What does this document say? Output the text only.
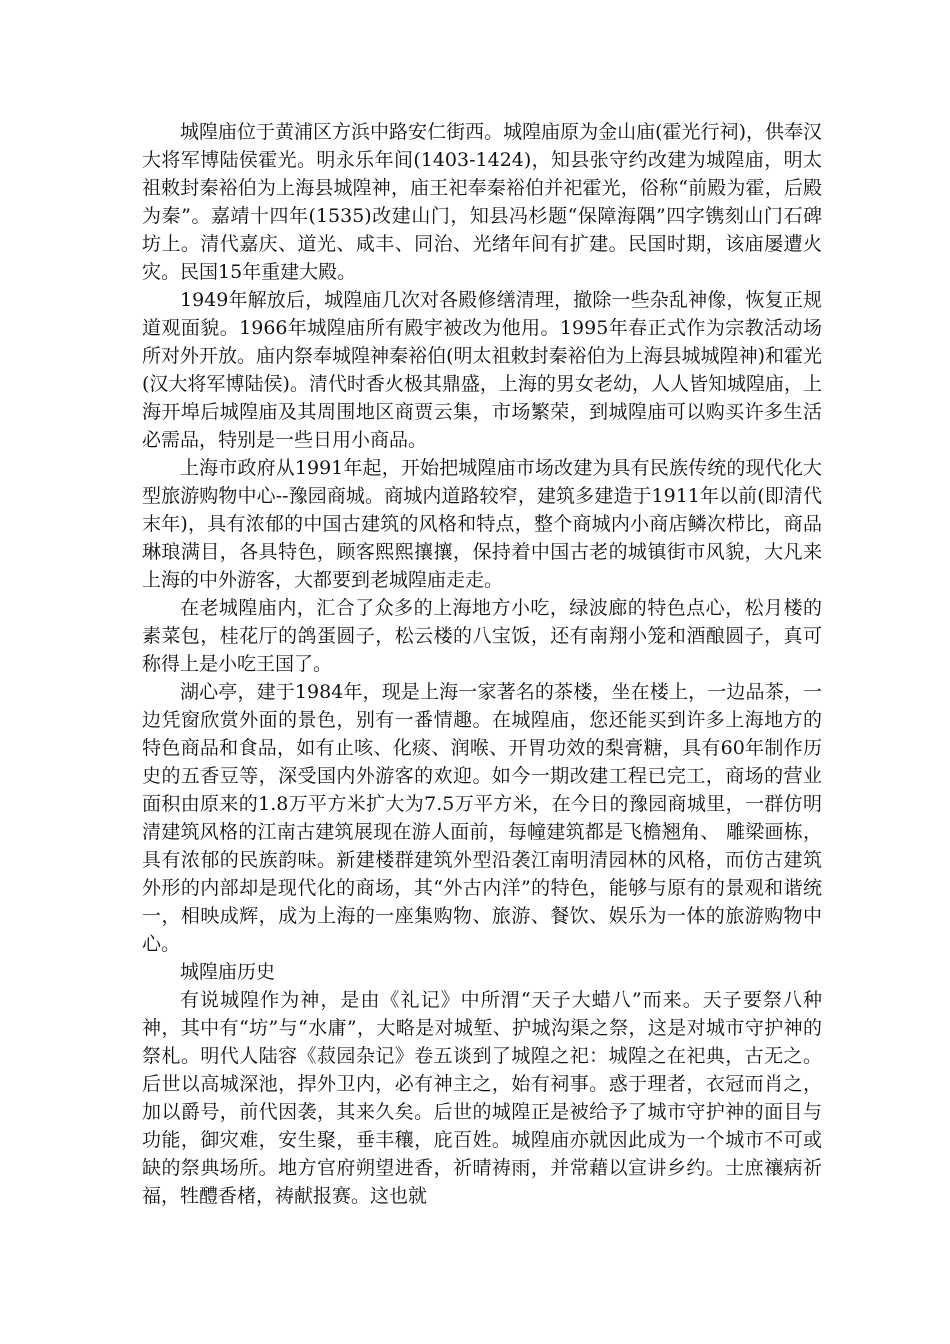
城隍庙位于黄浦区方浜中路安仁街西。城隍庙原为金山庙(霍光行祠)，供奉汉大将军博陆侯霍光。明永乐年间(1403-1424)，知县张守约改建为城隍庙，明太祖敕封秦裕伯为上海县城隍神，庙王祀奉秦裕伯并祀霍光，俗称“前殿为霍，后殿为秦”。嘉靖十四年(1535)改建山门，知县冯杉题“保障海隅”四字镌刻山门石碑坊上。清代嘉庆、道光、咸丰、同治、光绪年间有扩建。民国时期，该庙屡遭火灾。民国15年重建大殿。

1949年解放后，城隍庙几次对各殿修缮清理，撤除一些杂乱神像，恢复正规道观面貌。1966年城隍庙所有殿宇被改为他用。1995年春正式作为宗教活动场所对外开放。庙内祭奉城隍神秦裕伯(明太祖敕封秦裕伯为上海县城城隍神)和霍光(汉大将军博陆侯)。清代时香火极其鼎盛，上海的男女老幼，人人皆知城隍庙，上海开埠后城隍庙及其周围地区商贾云集，市场繁荣，到城隍庙可以购买许多生活必需品，特别是一些日用小商品。

上海市政府从1991年起，开始把城隍庙市场改建为具有民族传统的现代化大型旅游购物中心--豫园商城。商城内道路较窄，建筑多建造于1911年以前(即清代末年)，具有浓郁的中国古建筑的风格和特点，整个商城内小商店鳞次栉比，商品琳琅满目，各具特色，顾客熙熙攘攘，保持着中国古老的城镇街市风貌，大凡来上海的中外游客，大都要到老城隍庙走走。

在老城隍庙内，汇合了众多的上海地方小吃，绿波廊的特色点心，松月楼的素菜包，桂花厅的鸽蛋圆子，松云楼的八宝饭，还有南翔小笼和酒酿圆子，真可称得上是小吃王国了。

湖心亭，建于1984年，现是上海一家著名的茶楼，坐在楼上，一边品茶，一边凭窗欣赏外面的景色，别有一番情趣。在城隍庙，您还能买到许多上海地方的特色商品和食品，如有止咳、化痰、润喉、开胃功效的梨膏糖，具有60年制作历史的五香豆等，深受国内外游客的欢迎。如今一期改建工程已完工，商场的营业面积由原来的1.8万平方米扩大为7.5万平方米，在今日的豫园商城里，一群仿明清建筑风格的江南古建筑展现在游人面前，每幢建筑都是飞檐翘角、 雕梁画栋，具有浓郁的民族韵味。新建楼群建筑外型沿袭江南明清园林的风格，而仿古建筑外形的内部却是现代化的商场，其“外古内洋”的特色，能够与原有的景观和谐统一，相映成辉，成为上海的一座集购物、旅游、餐饮、娱乐为一体的旅游购物中心。

城隍庙历史

有说城隍作为神，是由《礼记》中所渭“天子大蜡八”而来。天子要祭八种神，其中有“坊”与“水庸”，大略是对城堑、护城沟渠之祭，这是对城市守护神的祭札。明代人陆容《菽园杂记》卷五谈到了城隍之祀：城隍之在祀典，古无之。后世以高城深池，捍外卫内，必有神主之，始有祠事。惑于理者，衣冠而肖之，加以爵号，前代因袭，其来久矣。后世的城隍正是被给予了城市守护神的面目与功能，御灾难，安生聚，垂丰穰，庇百姓。城隍庙亦就因此成为一个城市不可或缺的祭典场所。地方官府朔望进香，祈晴祷雨，并常藉以宣讲乡约。士庶禳病祈福，牲醴香楮，祷献报赛。这也就
